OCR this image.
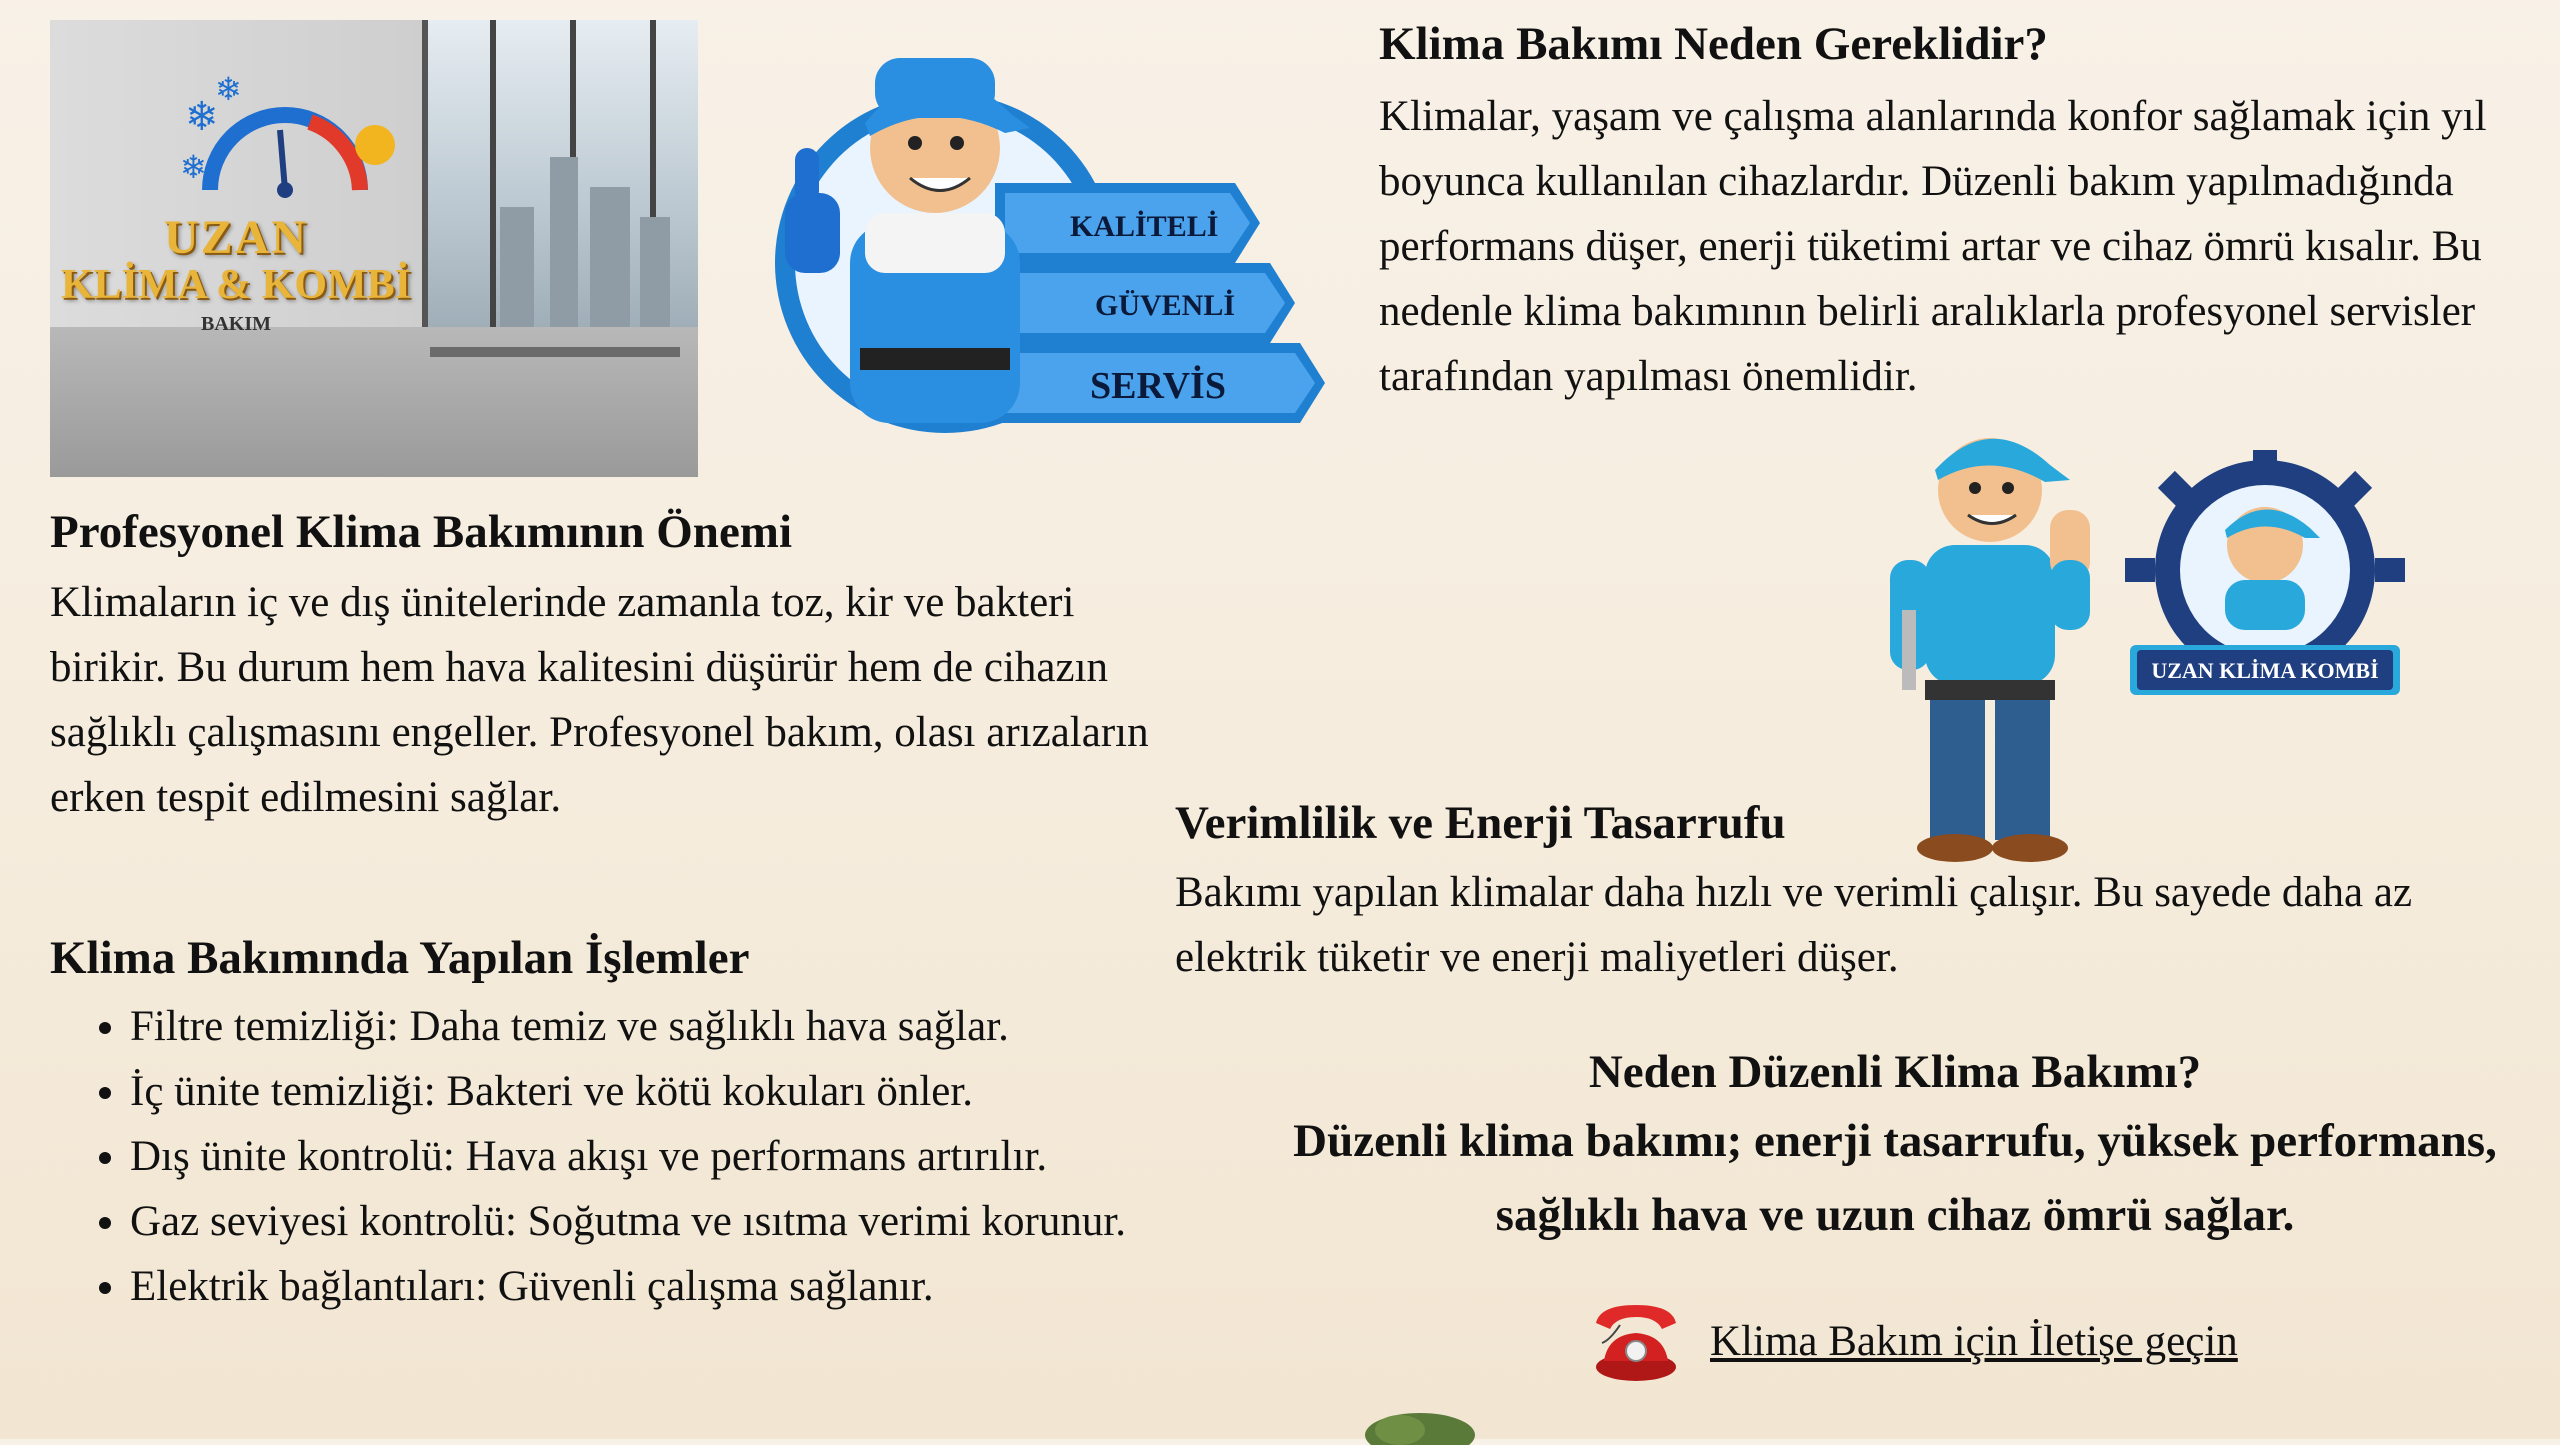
❄
❄
❄
UZAN
KLİMA & KOMBİ
BAKIM
KALİTELİ
GÜVENLİ
SERVİS
UZAN KLİMA KOMBİ
Klima Bakımı Neden Gereklidir?

Klimalar, yaşam ve çalışma alanlarında konfor sağlamak için yıl boyunca kullanılan cihazlardır. Düzenli bakım yapılmadığında performans düşer, enerji tüketimi artar ve cihaz ömrü kısalır. Bu nedenle klima bakımının belirli aralıklarla profesyonel servisler tarafından yapılması önemlidir.

Profesyonel Klima Bakımının Önemi

Klimaların iç ve dış ünitelerinde zamanla toz, kir ve bakteri birikir. Bu durum hem hava kalitesini düşürür hem de cihazın sağlıklı çalışmasını engeller. Profesyonel bakım, olası arızaların erken tespit edilmesini sağlar.

Klima Bakımında Yapılan İşlemler
• Filtre temizliği: Daha temiz ve sağlıklı hava sağlar.
• İç ünite temizliği: Bakteri ve kötü kokuları önler.
• Dış ünite kontrolü: Hava akışı ve performans artırılır.
• Gaz seviyesi kontrolü: Soğutma ve ısıtma verimi korunur.
• Elektrik bağlantıları: Güvenli çalışma sağlanır.
Verimlilik ve Enerji Tasarrufu

Bakımı yapılan klimalar daha hızlı ve verimli çalışır. Bu sayede daha az elektrik tüketir ve enerji maliyetleri düşer.

Neden Düzenli Klima Bakımı?
Düzenli klima bakımı; enerji tasarrufu, yüksek performans, sağlıklı hava ve uzun cihaz ömrü sağlar.
Klima Bakım için İletişe geçin
